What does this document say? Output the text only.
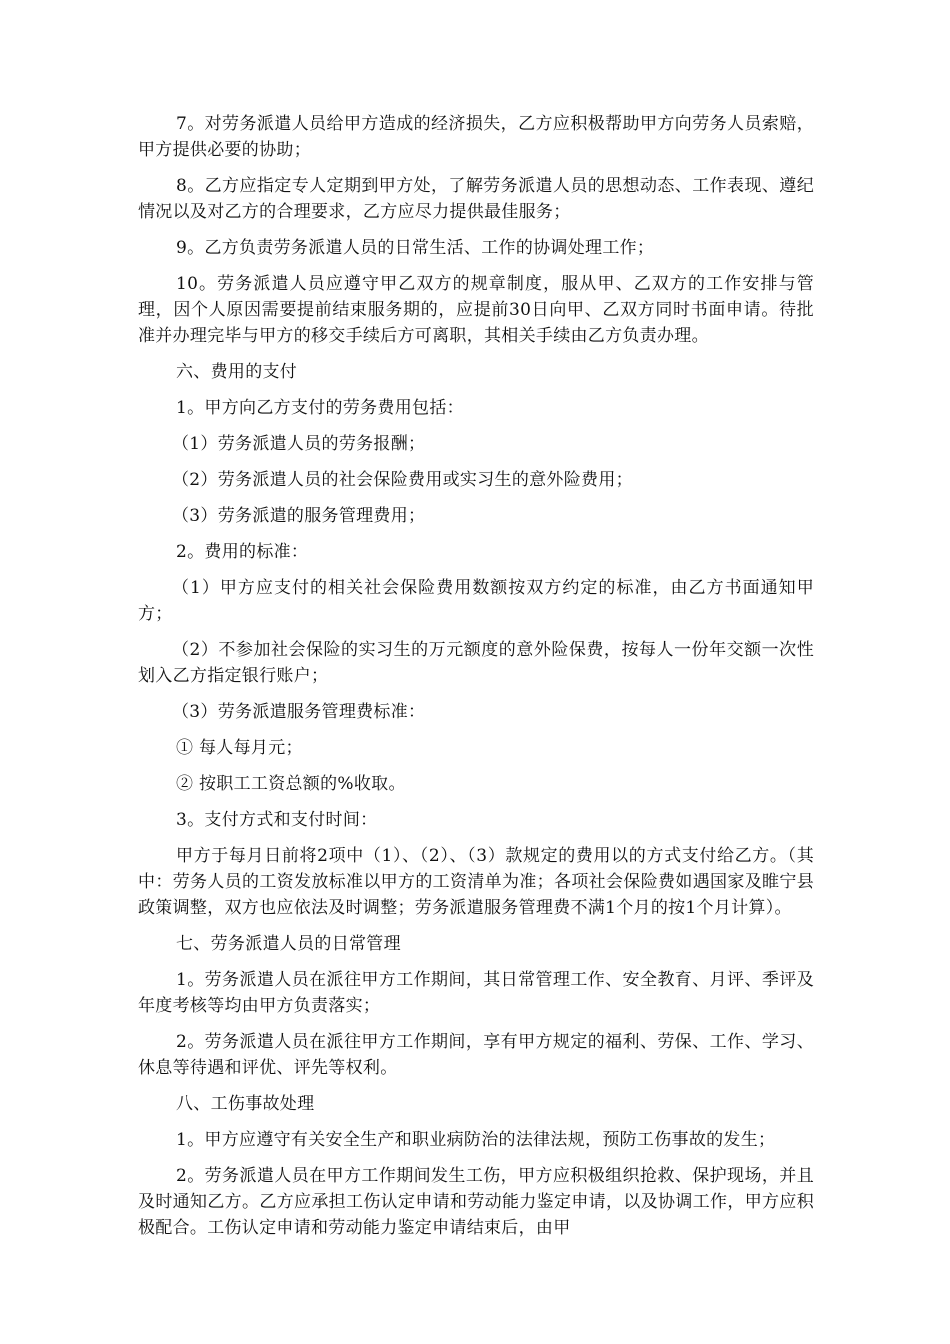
7。对劳务派遣人员给甲方造成的经济损失，乙方应积极帮助甲方向劳务人员索赔，甲方提供必要的协助；

8。乙方应指定专人定期到甲方处，了解劳务派遣人员的思想动态、工作表现、遵纪情况以及对乙方的合理要求，乙方应尽力提供最佳服务；

9。乙方负责劳务派遣人员的日常生活、工作的协调处理工作；

10。劳务派遣人员应遵守甲乙双方的规章制度，服从甲、乙双方的工作安排与管理，因个人原因需要提前结束服务期的，应提前30日向甲、乙双方同时书面申请。待批准并办理完毕与甲方的移交手续后方可离职，其相关手续由乙方负责办理。

六、费用的支付

1。甲方向乙方支付的劳务费用包括：

（1）劳务派遣人员的劳务报酬；

（2）劳务派遣人员的社会保险费用或实习生的意外险费用；

（3）劳务派遣的服务管理费用；

2。费用的标准：

（1）甲方应支付的相关社会保险费用数额按双方约定的标准，由乙方书面通知甲方；

（2）不参加社会保险的实习生的万元额度的意外险保费，按每人一份年交额一次性划入乙方指定银行账户；

（3）劳务派遣服务管理费标准：

① 每人每月元；

② 按职工工资总额的%收取。

3。支付方式和支付时间：

甲方于每月日前将2项中（1）、（2）、（3）款规定的费用以的方式支付给乙方。（其中：劳务人员的工资发放标准以甲方的工资清单为准；各项社会保险费如遇国家及睢宁县政策调整，双方也应依法及时调整；劳务派遣服务管理费不满1个月的按1个月计算）。

七、劳务派遣人员的日常管理

1。劳务派遣人员在派往甲方工作期间，其日常管理工作、安全教育、月评、季评及年度考核等均由甲方负责落实；

2。劳务派遣人员在派往甲方工作期间，享有甲方规定的福利、劳保、工作、学习、休息等待遇和评优、评先等权利。

八、工伤事故处理

1。甲方应遵守有关安全生产和职业病防治的法律法规，预防工伤事故的发生；

2。劳务派遣人员在甲方工作期间发生工伤，甲方应积极组织抢救、保护现场，并且及时通知乙方。乙方应承担工伤认定申请和劳动能力鉴定申请，以及协调工作，甲方应积极配合。工伤认定申请和劳动能力鉴定申请结束后，由甲
